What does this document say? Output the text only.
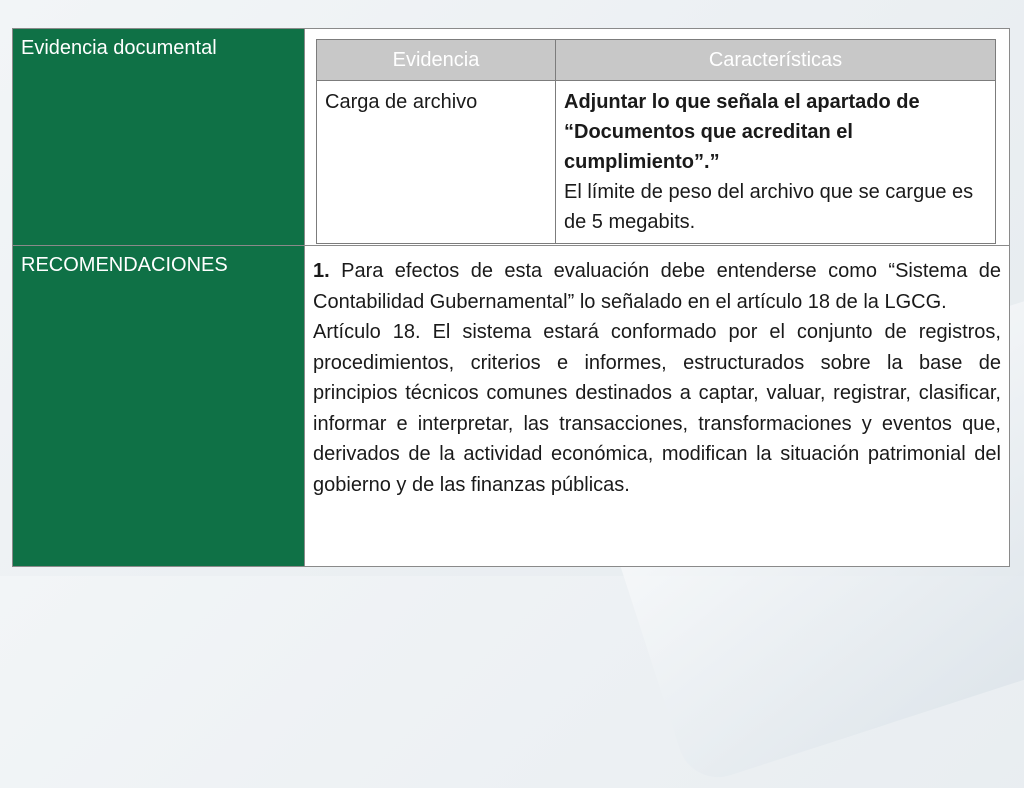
Evidencia documental	
Evidencia	Características
Carga de archivo	Adjuntar lo que señala el apartado de “Documentos que acreditan el cumplimiento”.”
El límite de peso del archivo que se cargue es de 5 megabits.

RECOMENDACIONES	1. Para efectos de esta evaluación debe entenderse como “Sistema de Contabilidad Gubernamental” lo señalado en el artículo 18 de la LGCG.

Artículo 18. El sistema estará conformado por el conjunto de registros, procedimientos, criterios e informes, estructurados sobre la base de principios técnicos comunes destinados a captar, valuar, registrar, clasificar, informar e interpretar, las transacciones, transformaciones y eventos que, derivados de la actividad económica, modifican la situación patrimonial del gobierno y de las finanzas públicas.
